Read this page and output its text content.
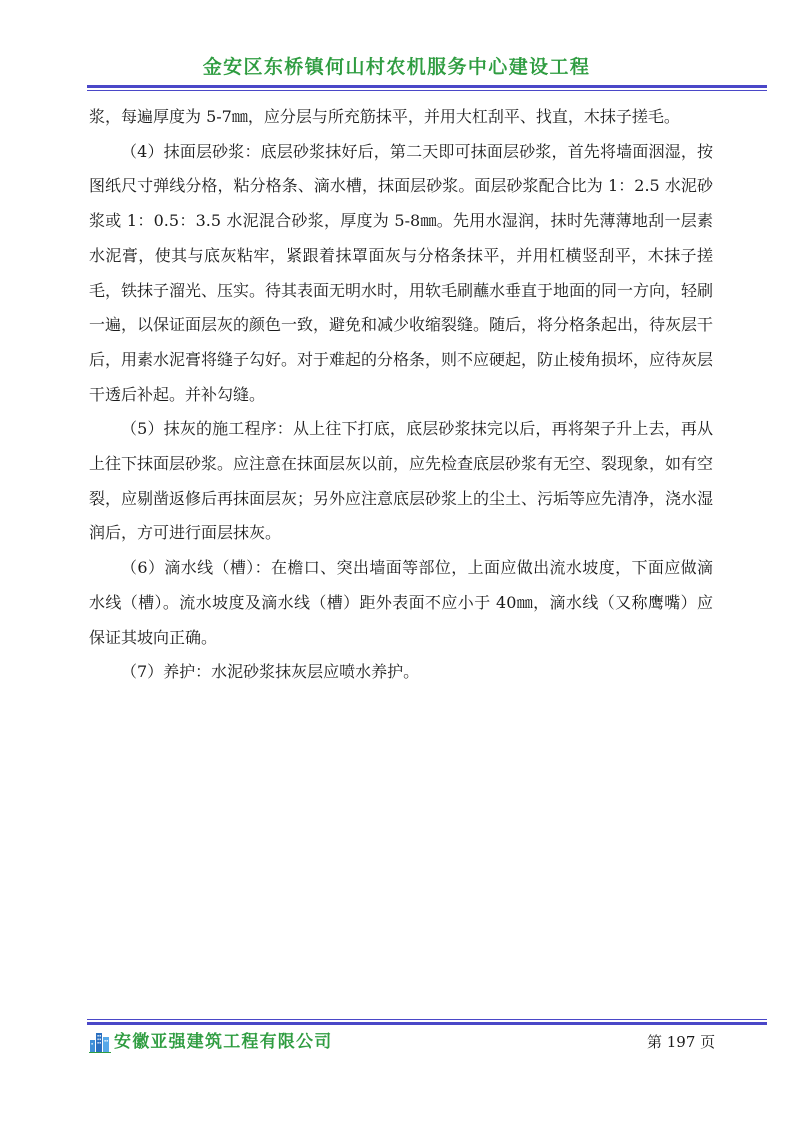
金安区东桥镇何山村农机服务中心建设工程

浆，每遍厚度为 5-7㎜，应分层与所充筋抹平，并用大杠刮平、找直，木抹子搓毛。

（4）抹面层砂浆：底层砂浆抹好后，第二天即可抹面层砂浆，首先将墙面洇湿，按图纸尺寸弹线分格，粘分格条、滴水槽，抹面层砂浆。面层砂浆配合比为 1：2.5 水泥砂浆或 1：0.5：3.5 水泥混合砂浆，厚度为 5-8㎜。先用水湿润，抹时先薄薄地刮一层素水泥膏，使其与底灰粘牢，紧跟着抹罩面灰与分格条抹平，并用杠横竖刮平，木抹子搓毛，铁抹子溜光、压实。待其表面无明水时，用软毛刷蘸水垂直于地面的同一方向，轻刷一遍，以保证面层灰的颜色一致，避免和减少收缩裂缝。随后，将分格条起出，待灰层干后，用素水泥膏将缝子勾好。对于难起的分格条，则不应硬起，防止棱角损坏，应待灰层干透后补起。并补勾缝。

（5）抹灰的施工程序：从上往下打底，底层砂浆抹完以后，再将架子升上去，再从上往下抹面层砂浆。应注意在抹面层灰以前，应先检查底层砂浆有无空、裂现象，如有空裂，应剔凿返修后再抹面层灰；另外应注意底层砂浆上的尘土、污垢等应先清净，浇水湿润后，方可进行面层抹灰。

（6）滴水线（槽）：在檐口、突出墙面等部位，上面应做出流水坡度，下面应做滴水线（槽）。流水坡度及滴水线（槽）距外表面不应小于 40㎜，滴水线（又称鹰嘴）应保证其坡向正确。

（7）养护：水泥砂浆抹灰层应喷水养护。

安徽亚强建筑工程有限公司	第 197 页
